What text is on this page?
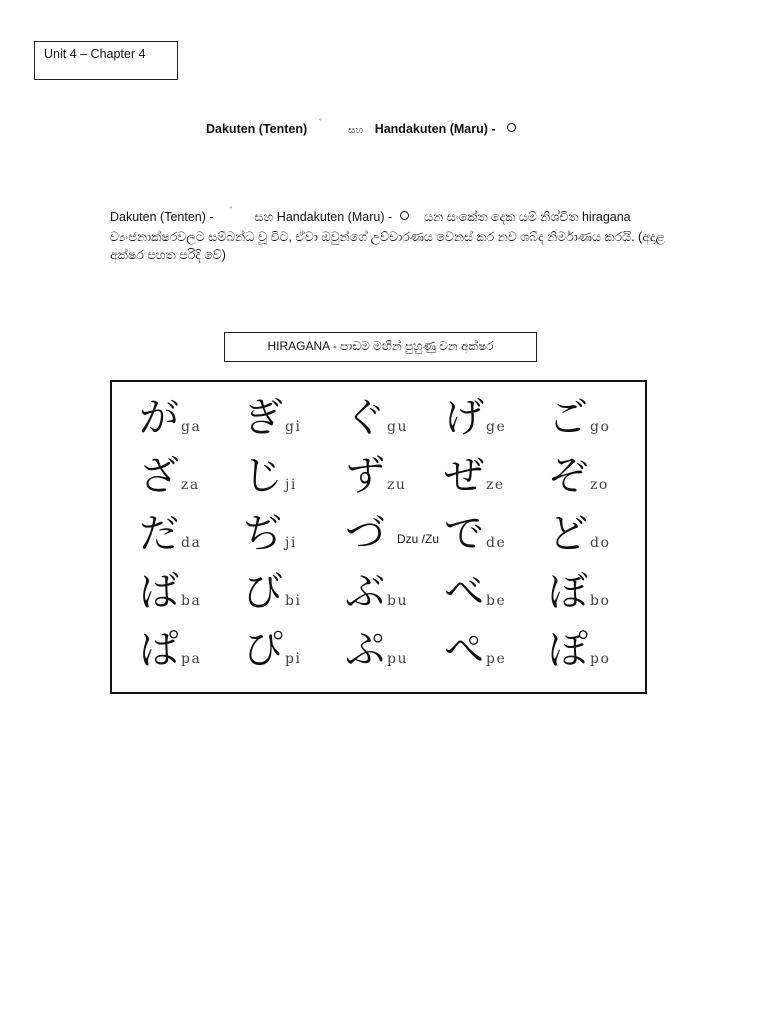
Unit 4 – Chapter 4
Dakuten (Tenten) ゛ සහ Handakuten (Maru) -
Dakuten (Tenten) - ゛ සහ Handakuten (Maru) -	යන සංකේත දෙක යම් නිශ්චිත hiragana ව්‍යංජනාක්ෂරවලට සම්බන්ධ වූ විට, ඒවා ඔවුන්ගේ උච්චාරණය වෙනස් කර නව ශබ්ද නිර්මාණය කරයි. (අදාළ අක්ෂර පහත පරිදි වේ)
HIRAGANA - පාඩම මඟින් පුහුණු වන අක්ෂර
がga ぎgi ぐgu げge ごgo
ざza じji ずzu ぜze ぞzo
だda ぢji づ でde どdo
ばba びbi ぶbu べbe ぼbo
ぱpa ぴpi ぷpu ぺpe ぽpo
Dzu /Zu
